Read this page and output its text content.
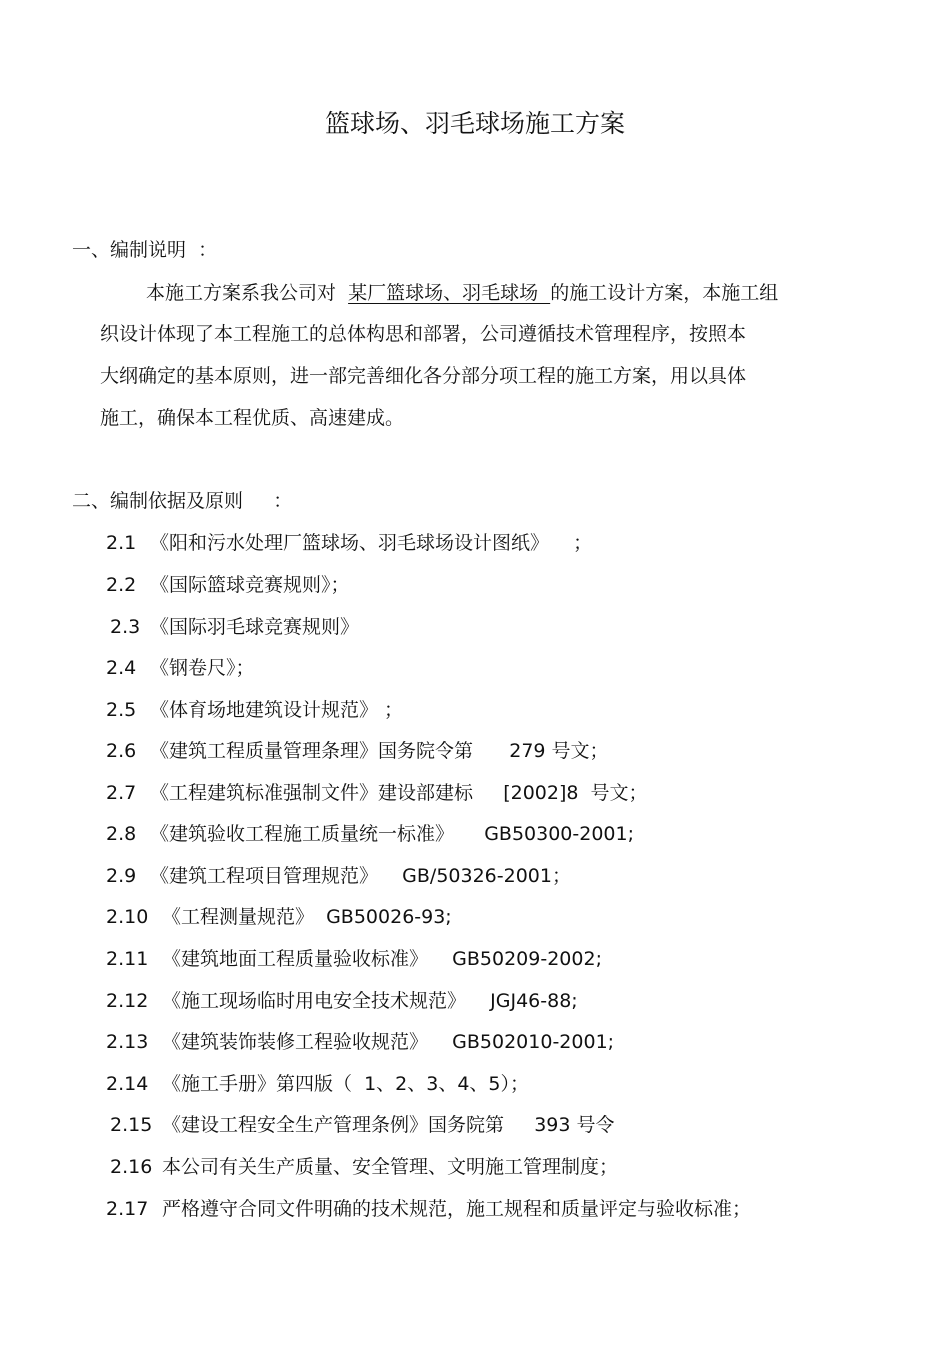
篮球场、羽毛球场施工方案
一、编制说明  ：
本施工方案系我公司对  某厂篮球场、羽毛球场  的施工设计方案，本施工组
织设计体现了本工程施工的总体构思和部署，公司遵循技术管理程序，按照本
大纲确定的基本原则，进一部完善细化各分部分项工程的施工方案，用以具体
施工，确保本工程优质、高速建成。
二、编制依据及原则     ：
2.1 《阳和污水处理厂篮球场、羽毛球场设计图纸》    ；
2.2 《国际篮球竞赛规则》；
2.3 《国际羽毛球竞赛规则》
2.4 《钢卷尺》；
2.5 《体育场地建筑设计规范》 ；
2.6 《建筑工程质量管理条理》国务院令第      279 号文；
2.7 《工程建筑标准强制文件》建设部建标     [2002]8  号文；
2.8 《建筑验收工程施工质量统一标准》     GB50300-2001;
2.9 《建筑工程项目管理规范》    GB/50326-2001；
2.10 《工程测量规范》  GB50026-93;
2.11 《建筑地面工程质量验收标准》    GB50209-2002;
2.12 《施工现场临时用电安全技术规范》    JGJ46-88;
2.13 《建筑装饰装修工程验收规范》    GB502010-2001;
2.14 《施工手册》第四版（  1、2、3、4、5）；
2.15 《建设工程安全生产管理条例》国务院第     393 号令
2.16 本公司有关生产质量、安全管理、文明施工管理制度；
2.17 严格遵守合同文件明确的技术规范，施工规程和质量评定与验收标准；
